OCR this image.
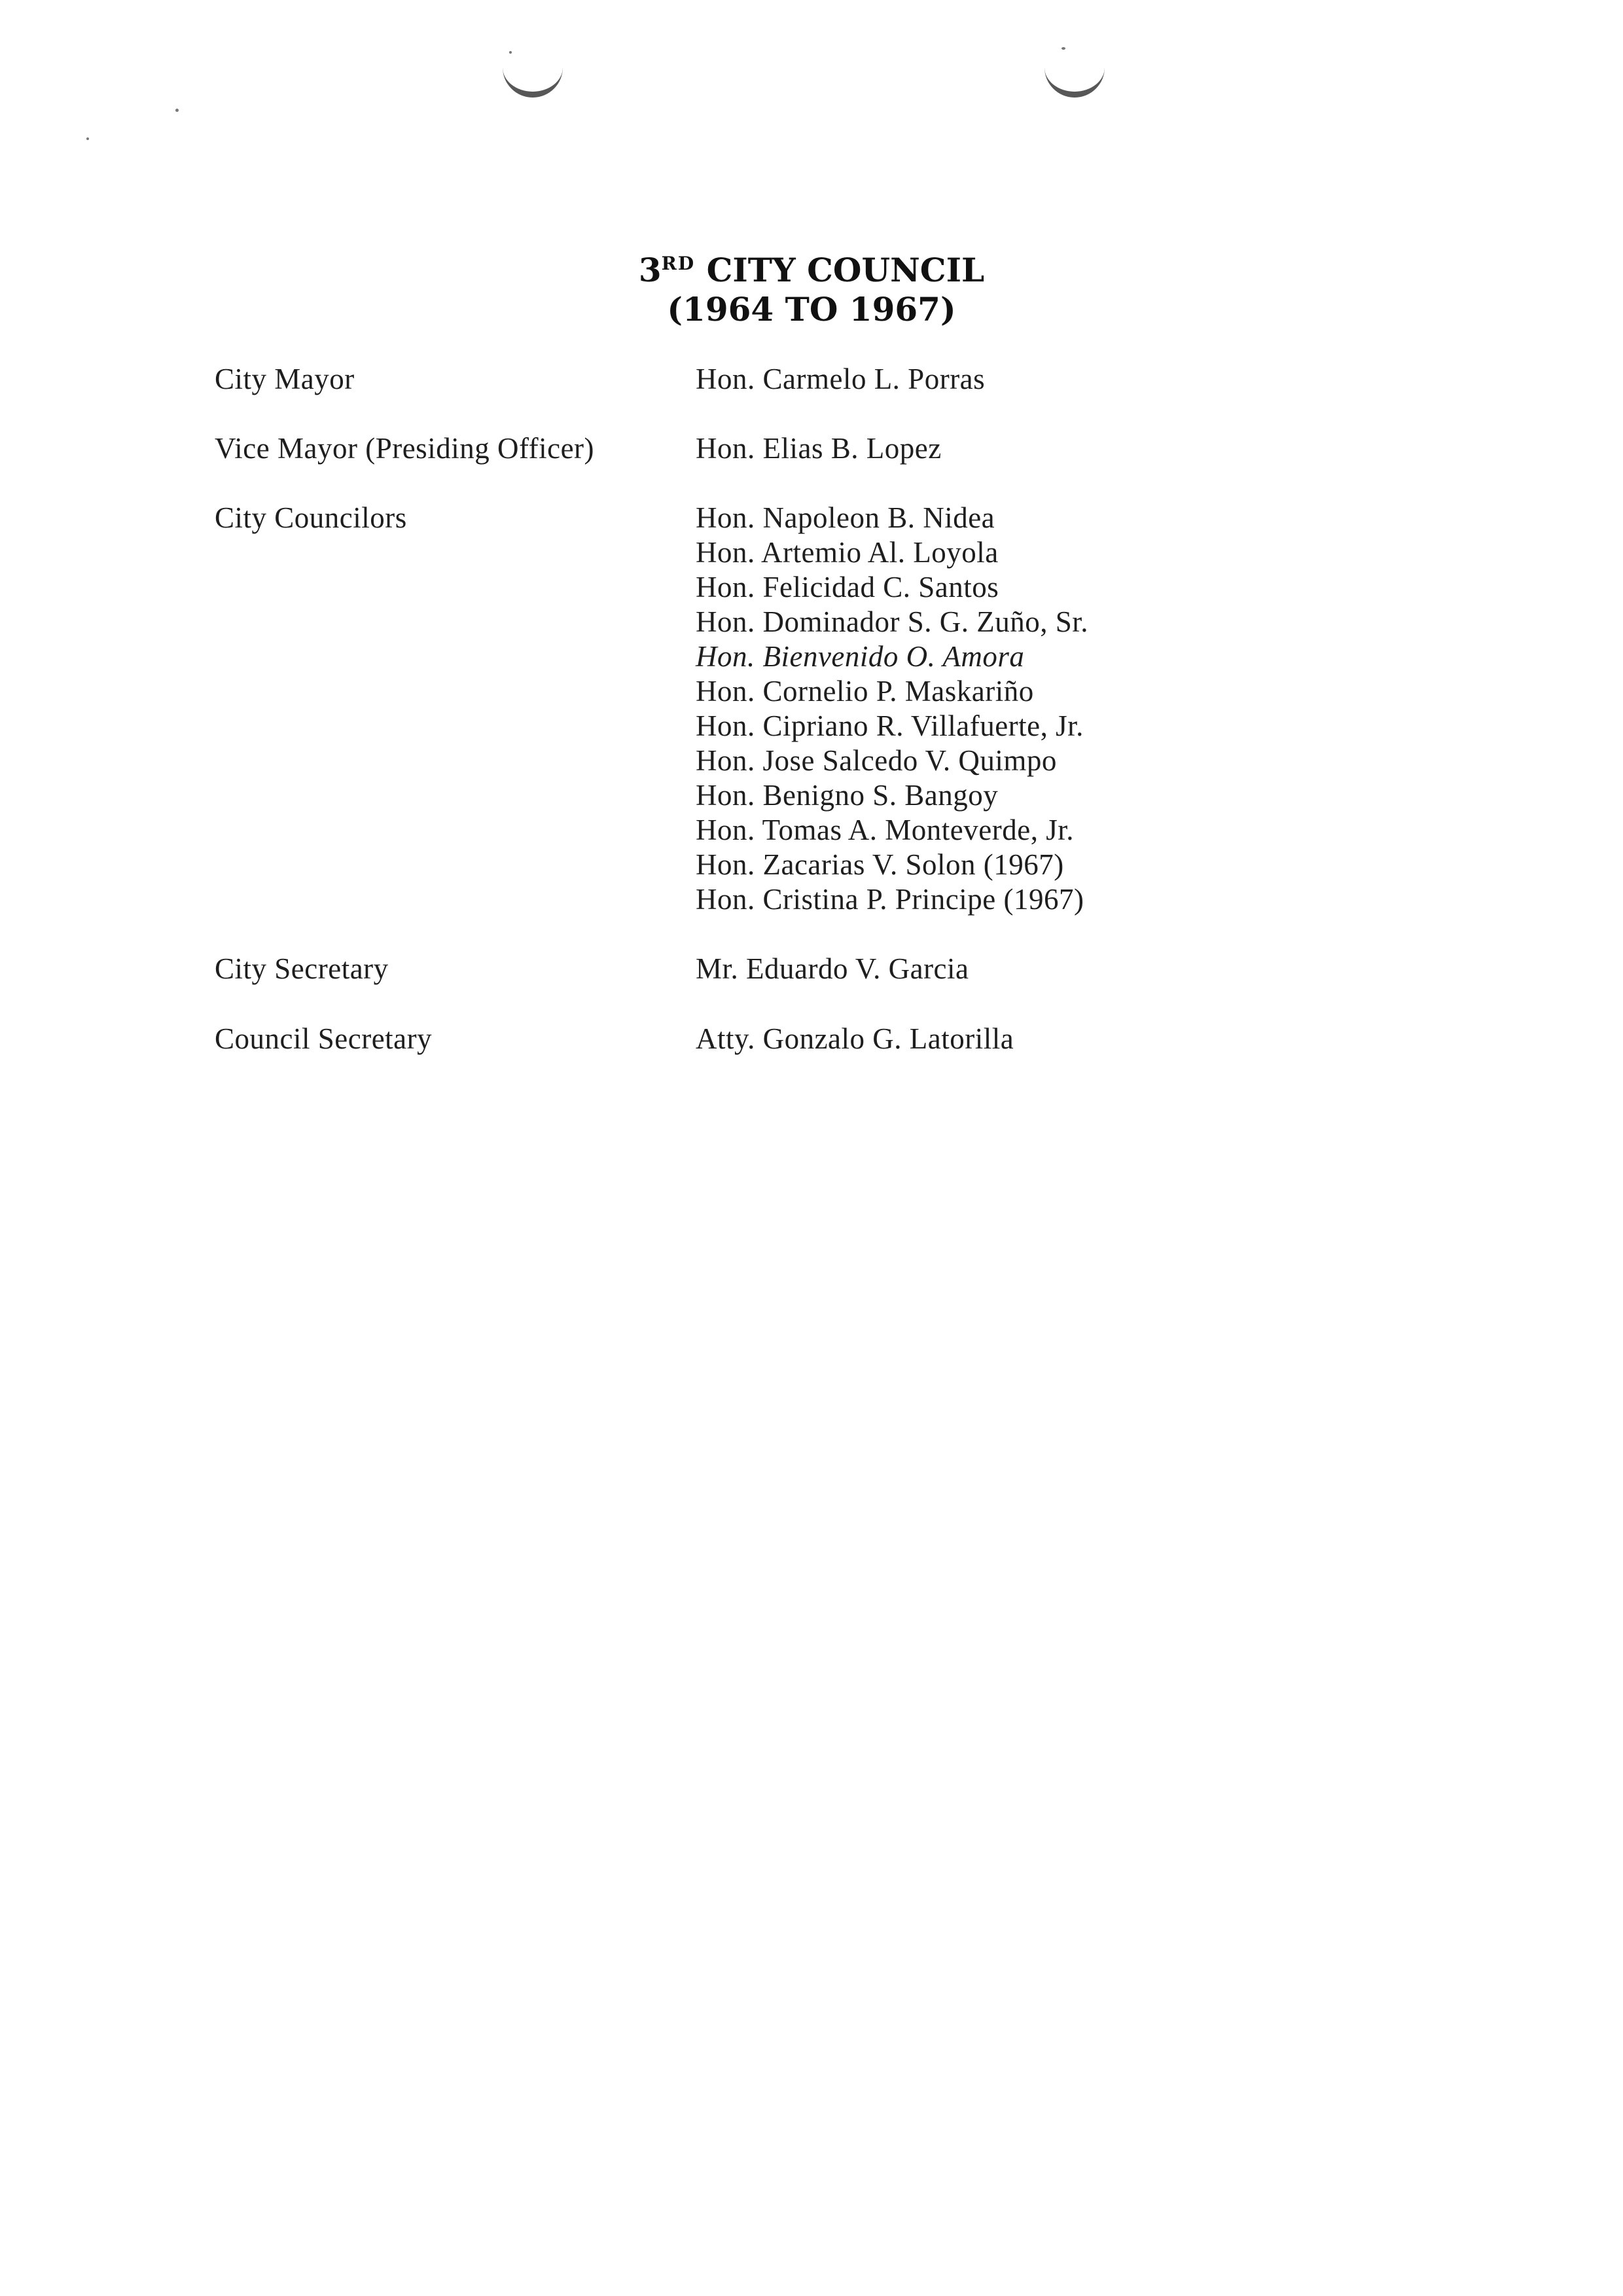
3RD CITY COUNCIL
(1964 TO 1967)
City Mayor	Hon. Carmelo L. Porras
Vice Mayor (Presiding Officer)	Hon. Elias B. Lopez
City Councilors	Hon. Napoleon B. Nidea
Hon. Artemio Al. Loyola
Hon. Felicidad C. Santos
Hon. Dominador S. G. Zuño, Sr.
Hon. Bienvenido O. Amora
Hon. Cornelio P. Maskariño
Hon. Cipriano R. Villafuerte, Jr.
Hon. Jose Salcedo V. Quimpo
Hon. Benigno S. Bangoy
Hon. Tomas A. Monteverde, Jr.
Hon. Zacarias V. Solon (1967)
Hon. Cristina P. Principe (1967)
City Secretary	Mr. Eduardo V. Garcia
Council Secretary	Atty. Gonzalo G. Latorilla
